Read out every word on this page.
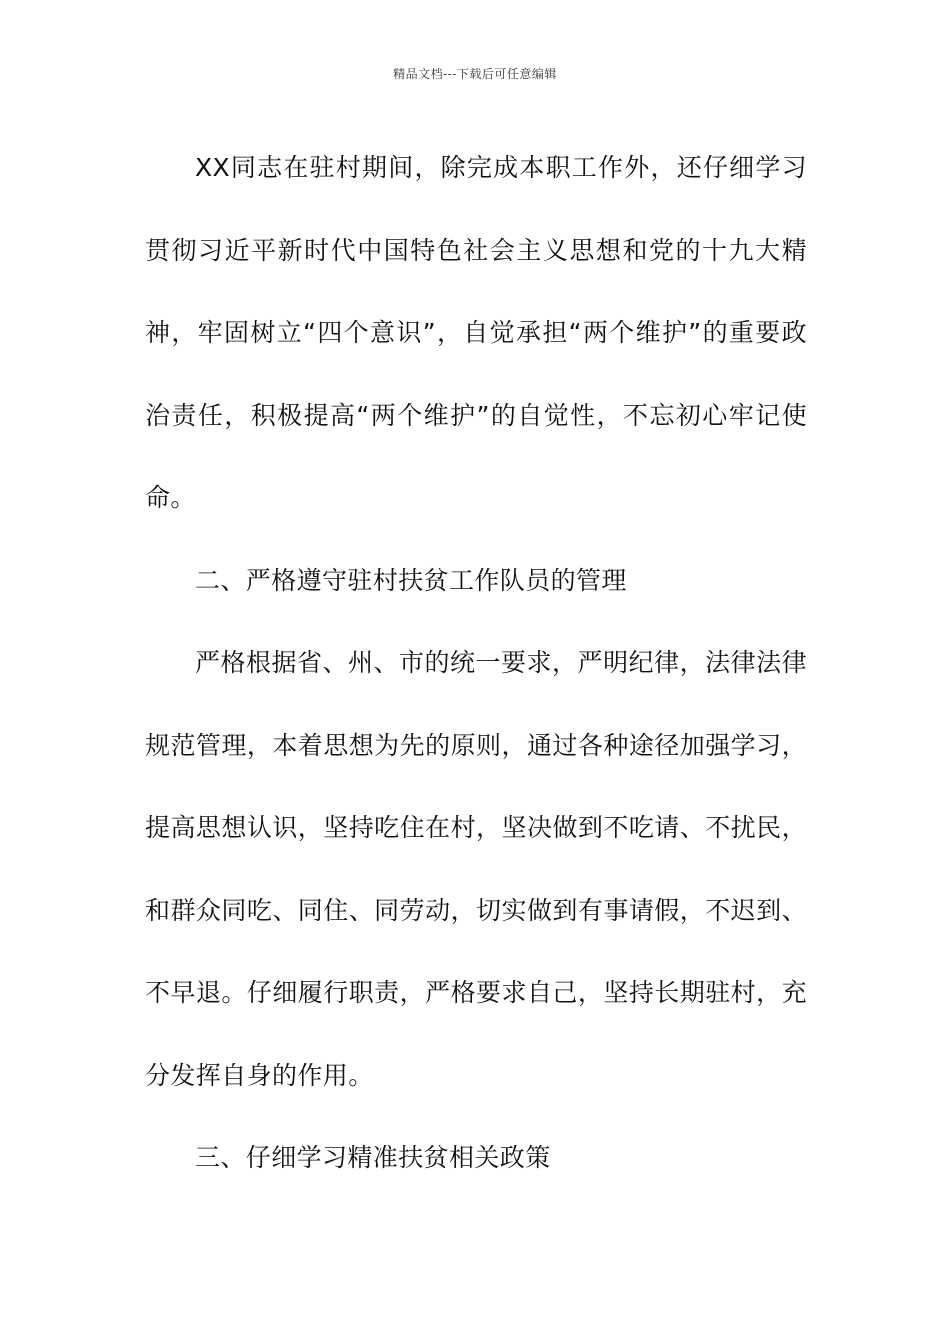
精品文档---下载后可任意编辑

XX同志在驻村期间，除完成本职工作外，还仔细学习贯彻习近平新时代中国特色社会主义思想和党的十九大精神，牢固树立“四个意识”，自觉承担“两个维护”的重要政治责任，积极提高“两个维护”的自觉性，不忘初心牢记使命。

二、严格遵守驻村扶贫工作队员的管理

严格根据省、州、市的统一要求，严明纪律，法律法律规范管理，本着思想为先的原则，通过各种途径加强学习，提高思想认识，坚持吃住在村，坚决做到不吃请、不扰民，和群众同吃、同住、同劳动，切实做到有事请假，不迟到、不早退。仔细履行职责，严格要求自己，坚持长期驻村，充分发挥自身的作用。

三、仔细学习精准扶贫相关政策
